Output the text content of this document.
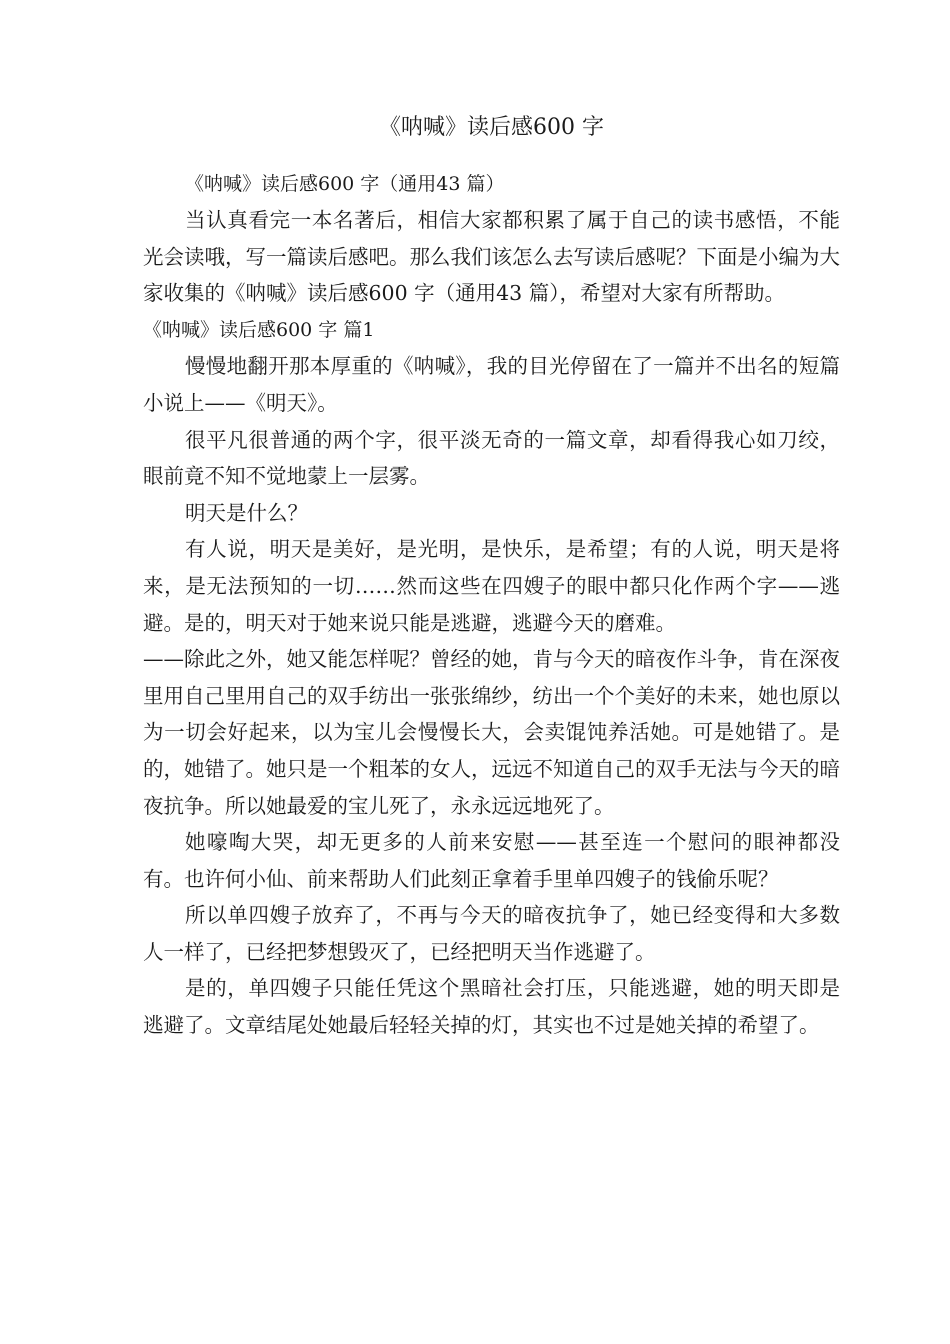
《呐喊》读后感600 字

《呐喊》读后感600 字（通用43 篇）

当认真看完一本名著后，相信大家都积累了属于自己的读书感悟，不能光会读哦，写一篇读后感吧。那么我们该怎么去写读后感呢？下面是小编为大家收集的《呐喊》读后感600 字（通用43 篇），希望对大家有所帮助。

《呐喊》读后感600 字 篇1

慢慢地翻开那本厚重的《呐喊》，我的目光停留在了一篇并不出名的短篇小说上——《明天》。

很平凡很普通的两个字，很平淡无奇的一篇文章，却看得我心如刀绞，眼前竟不知不觉地蒙上一层雾。

明天是什么？

有人说，明天是美好，是光明，是快乐，是希望；有的人说，明天是将来，是无法预知的一切……然而这些在四嫂子的眼中都只化作两个字——逃避。是的，明天对于她来说只能是逃避，逃避今天的磨难。

——除此之外，她又能怎样呢？曾经的她，肯与今天的暗夜作斗争，肯在深夜里用自己里用自己的双手纺出一张张绵纱，纺出一个个美好的未来，她也原以为一切会好起来，以为宝儿会慢慢长大，会卖馄饨养活她。可是她错了。是的，她错了。她只是一个粗苯的女人，远远不知道自己的双手无法与今天的暗夜抗争。所以她最爱的宝儿死了，永永远远地死了。

她嚎啕大哭，却无更多的人前来安慰——甚至连一个慰问的眼神都没有。也许何小仙、前来帮助人们此刻正拿着手里单四嫂子的钱偷乐呢？

所以单四嫂子放弃了，不再与今天的暗夜抗争了，她已经变得和大多数人一样了，已经把梦想毁灭了，已经把明天当作逃避了。

是的，单四嫂子只能任凭这个黑暗社会打压，只能逃避，她的明天即是逃避了。文章结尾处她最后轻轻关掉的灯，其实也不过是她关掉的希望了。
